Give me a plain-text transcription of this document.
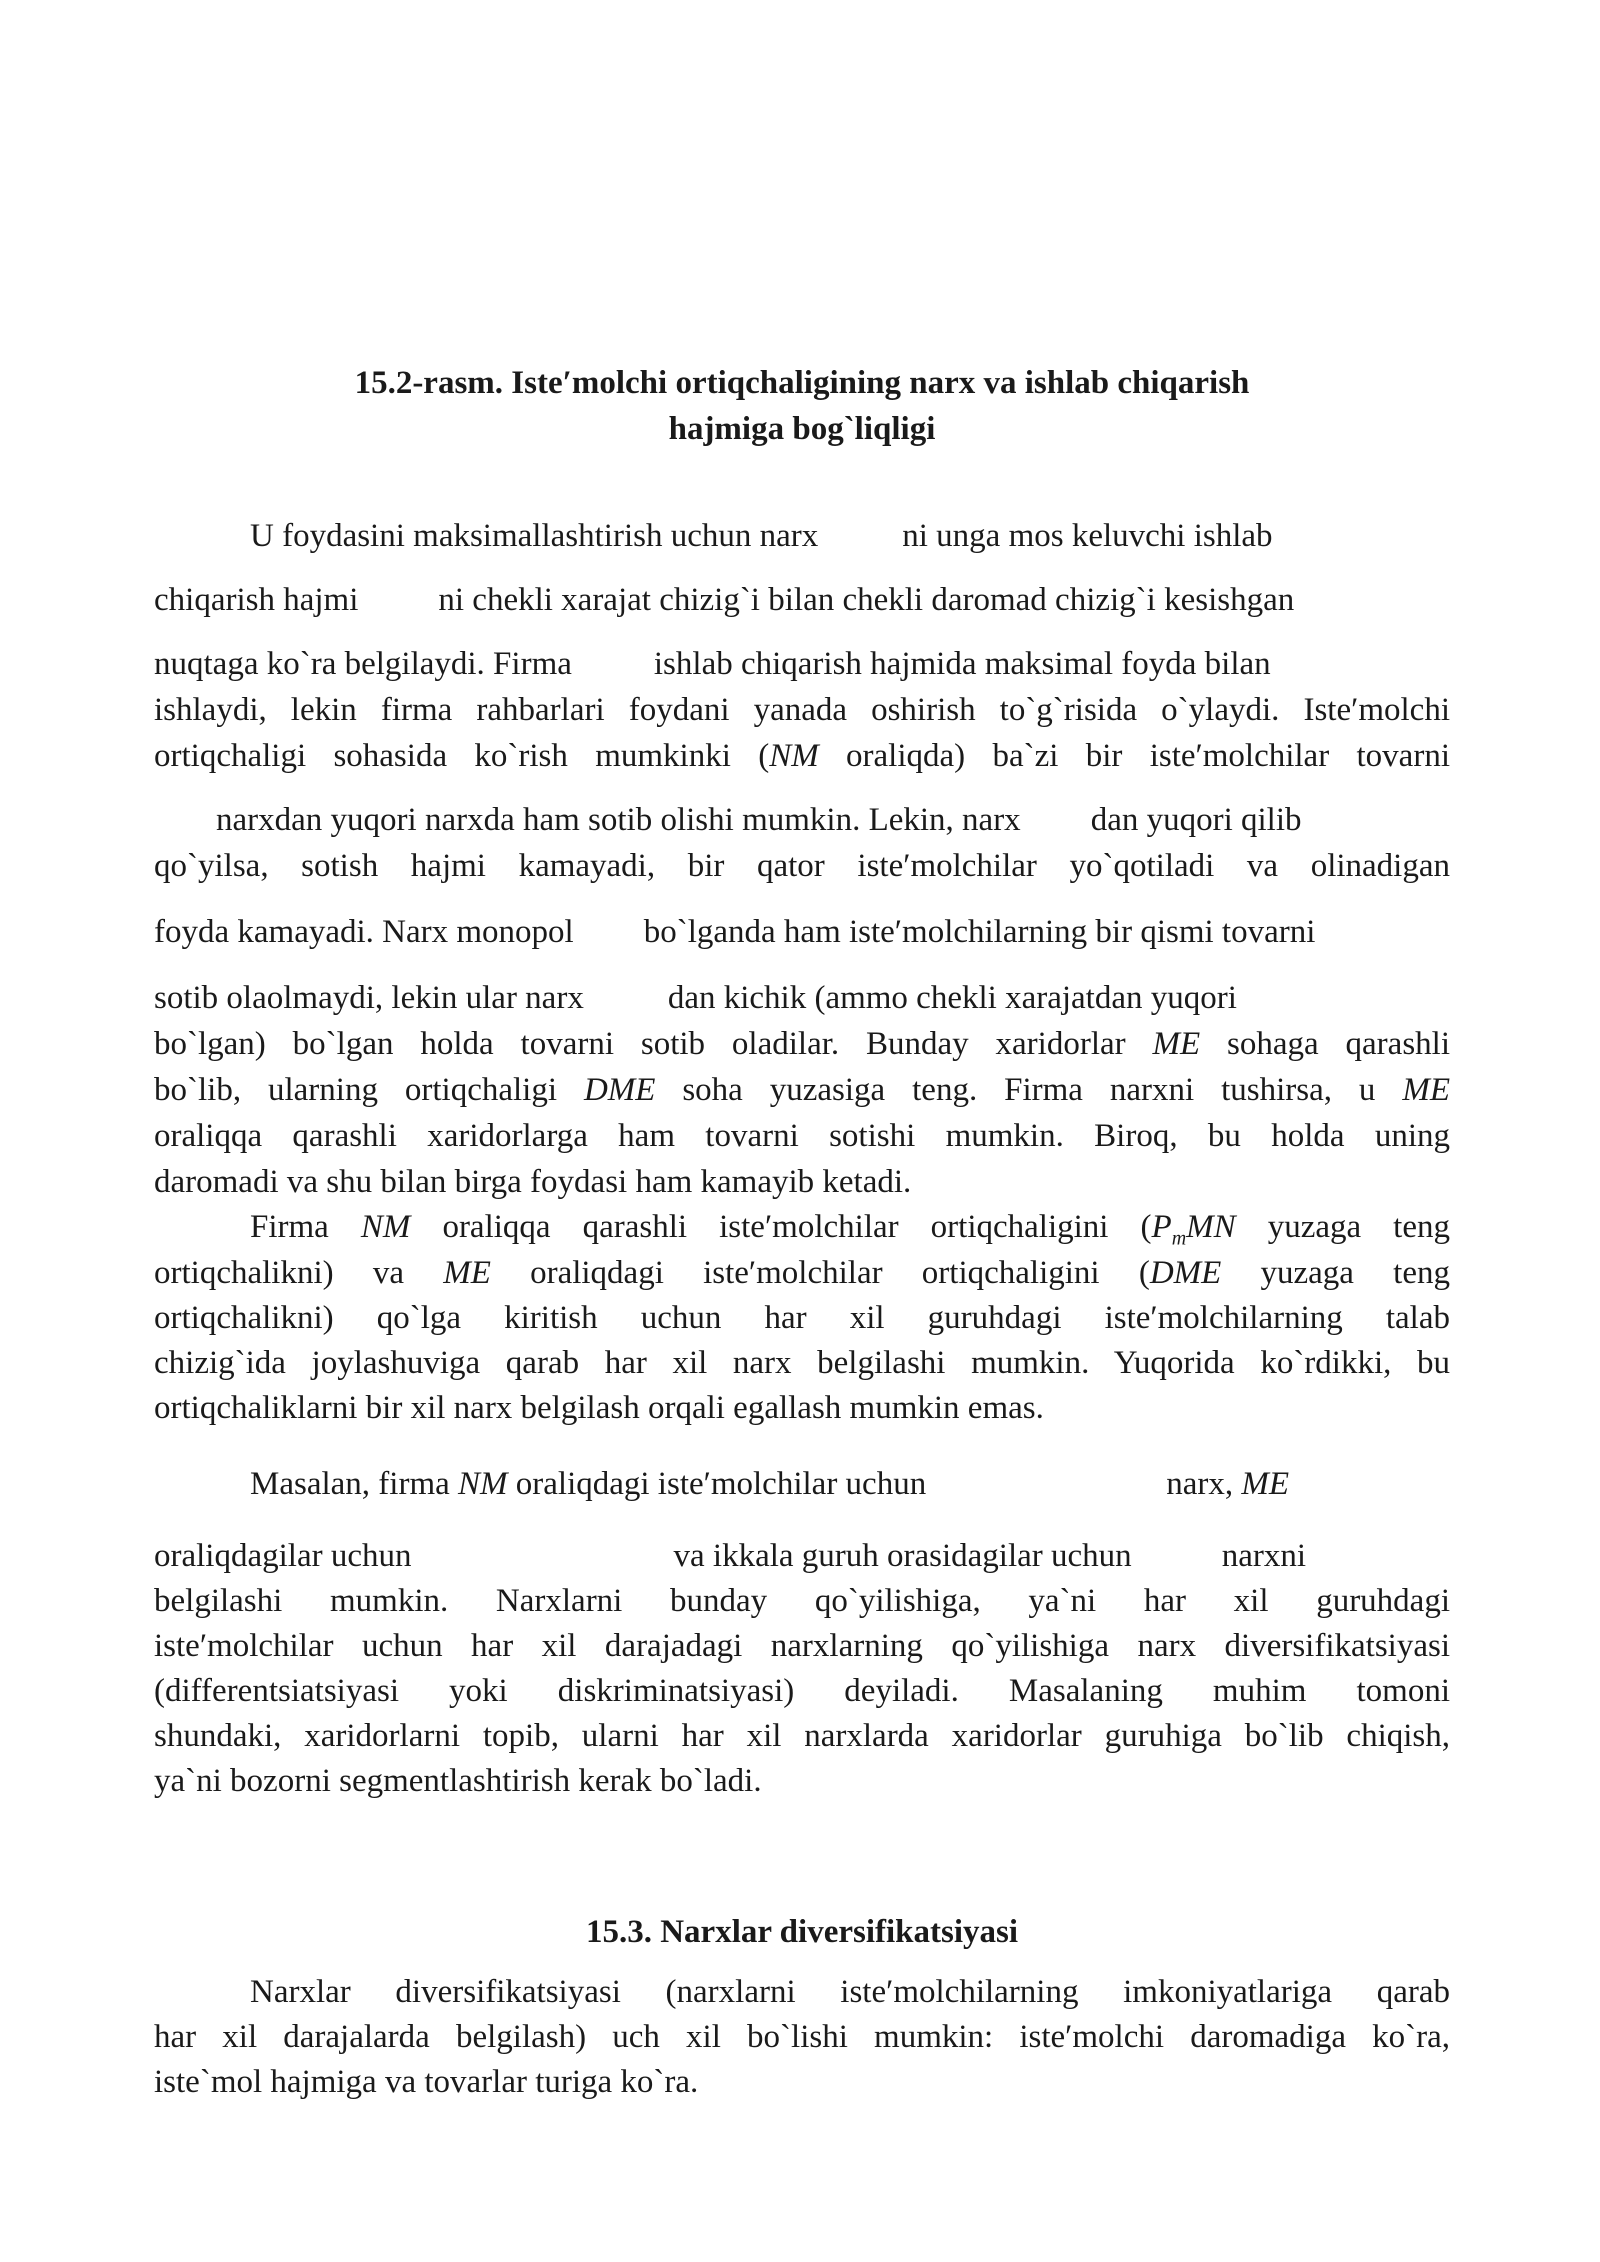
15.2-rasm. Iste′molchi ortiqchaligining narx va ishlab chiqarish
hajmiga bog`liqligi
U foydasini maksimallashtirish uchun narx	ni unga mos keluvchi ishlab
chiqarish hajmi ni chekli xarajat chizig`i bilan chekli daromad chizig`i kesishgan
nuqtaga ko`ra belgilaydi. Firma ishlab chiqarish hajmida maksimal foyda bilan
ishlaydi, lekin firma rahbarlari foydani yanada oshirish to`g`risida o`ylaydi. Iste′molchi
ortiqchaligi sohasida ko`rish mumkinki (NM oraliqda) ba`zi bir iste′molchilar tovarni
narxdan yuqori narxda ham sotib olishi mumkin. Lekin, narx dan yuqori qilib
qo`yilsa, sotish hajmi kamayadi, bir qator iste′molchilar yo`qotiladi va olinadigan
foyda kamayadi. Narx monopol bo`lganda ham iste′molchilarning bir qismi tovarni
sotib olaolmaydi, lekin ular narx	dan kichik (ammo chekli xarajatdan yuqori
bo`lgan) bo`lgan holda tovarni sotib oladilar. Bunday xaridorlar ME sohaga qarashli
bo`lib, ularning ortiqchaligi DME soha yuzasiga teng. Firma narxni tushirsa, u ME
oraliqqa qarashli xaridorlarga ham tovarni sotishi mumkin. Biroq, bu holda uning
daromadi va shu bilan birga foydasi ham kamayib ketadi.
Firma NM oraliqqa qarashli iste′molchilar ortiqchaligini ($P_mMN$ yuzaga teng
ortiqchalikni) va ME oraliqdagi iste′molchilar ortiqchaligini (DME yuzaga teng
ortiqchalikni) qo`lga kiritish uchun har xil guruhdagi iste′molchilarning talab
chizig`ida joylashuviga qarab har xil narx belgilashi mumkin. Yuqorida ko`rdikki, bu
ortiqchaliklarni bir xil narx belgilash orqali egallash mumkin emas.
Masalan, firma NM oraliqdagi iste′molchilar uchun	narx, ME
oraliqdagilar uchun	va ikkala guruh orasidagilar uchun	narxni
belgilashi mumkin. Narxlarni bunday qo`yilishiga, ya`ni har xil guruhdagi
iste′molchilar uchun har xil darajadagi narxlarning qo`yilishiga narx diversifikatsiyasi
(differentsiatsiyasi yoki diskriminatsiyasi) deyiladi. Masalaning muhim tomoni
shundaki, xaridorlarni topib, ularni har xil narxlarda xaridorlar guruhiga bo`lib chiqish,
ya`ni bozorni segmentlashtirish kerak bo`ladi.
15.3. Narxlar diversifikatsiyasi
Narxlar diversifikatsiyasi (narxlarni iste′molchilarning imkoniyatlariga qarab
har xil darajalarda belgilash) uch xil bo`lishi mumkin: iste′molchi daromadiga ko`ra,
iste`mol hajmiga va tovarlar turiga ko`ra.
